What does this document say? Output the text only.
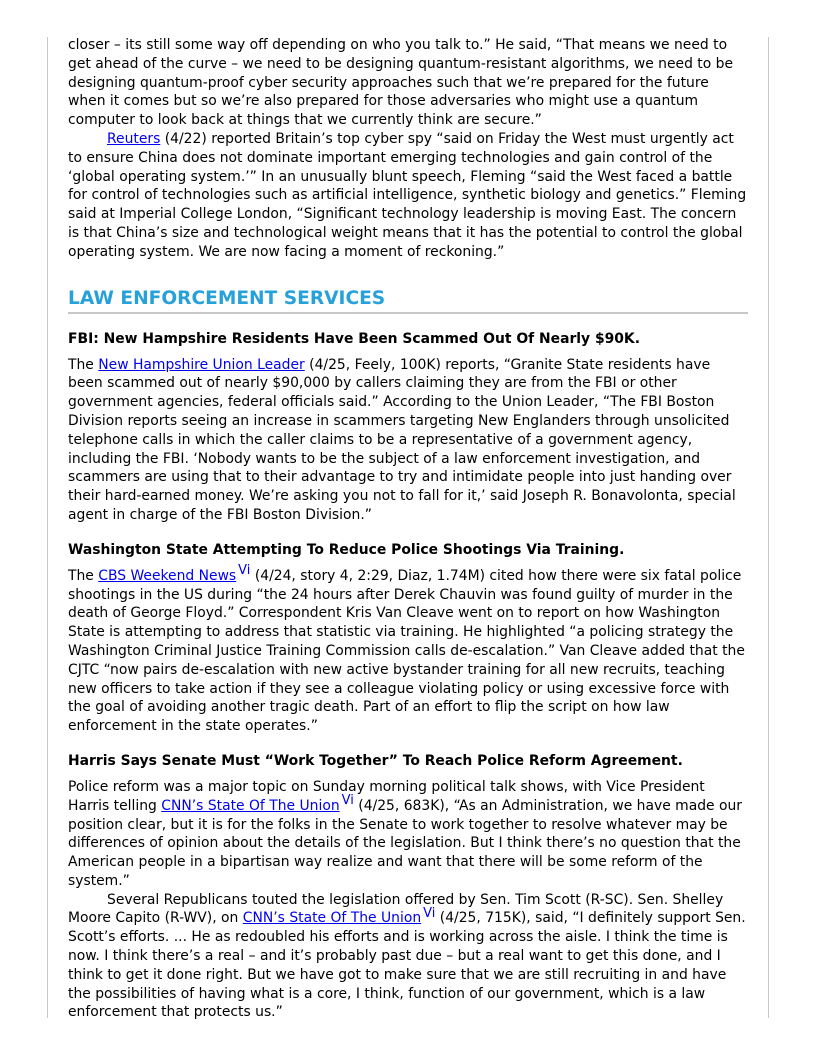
closer – its still some way off depending on who you talk to.” He said, “That means we need to get ahead of the curve – we need to be designing quantum-resistant algorithms, we need to be designing quantum-proof cyber security approaches such that we’re prepared for the future when it comes but so we’re also prepared for those adversaries who might use a quantum computer to look back at things that we currently think are secure.”

Reuters (4/22) reported Britain’s top cyber spy “said on Friday the West must urgently act to ensure China does not dominate important emerging technologies and gain control of the ‘global operating system.’” In an unusually blunt speech, Fleming “said the West faced a battle for control of technologies such as artificial intelligence, synthetic biology and genetics.” Fleming said at Imperial College London, “Significant technology leadership is moving East. The concern is that China’s size and technological weight means that it has the potential to control the global operating system. We are now facing a moment of reckoning.”

LAW ENFORCEMENT SERVICES
FBI: New Hampshire Residents Have Been Scammed Out Of Nearly $90K.

The New Hampshire Union Leader (4/25, Feely, 100K) reports, “Granite State residents have been scammed out of nearly $90,000 by callers claiming they are from the FBI or other government agencies, federal officials said.” According to the Union Leader, “The FBI Boston Division reports seeing an increase in scammers targeting New Englanders through unsolicited telephone calls in which the caller claims to be a representative of a government agency, including the FBI. ‘Nobody wants to be the subject of a law enforcement investigation, and scammers are using that to their advantage to try and intimidate people into just handing over their hard-earned money. We’re asking you not to fall for it,’ said Joseph R. Bonavolonta, special agent in charge of the FBI Boston Division.”

Washington State Attempting To Reduce Police Shootings Via Training.

The CBS Weekend News Vi (4/24, story 4, 2:29, Diaz, 1.74M) cited how there were six fatal police shootings in the US during “the 24 hours after Derek Chauvin was found guilty of murder in the death of George Floyd.” Correspondent Kris Van Cleave went on to report on how Washington State is attempting to address that statistic via training. He highlighted “a policing strategy the Washington Criminal Justice Training Commission calls de-escalation.” Van Cleave added that the CJTC “now pairs de-escalation with new active bystander training for all new recruits, teaching new officers to take action if they see a colleague violating policy or using excessive force with the goal of avoiding another tragic death. Part of an effort to flip the script on how law enforcement in the state operates.”

Harris Says Senate Must “Work Together” To Reach Police Reform Agreement.

Police reform was a major topic on Sunday morning political talk shows, with Vice President Harris telling CNN’s State Of The Union Vi (4/25, 683K), “As an Administration, we have made our position clear, but it is for the folks in the Senate to work together to resolve whatever may be differences of opinion about the details of the legislation. But I think there’s no question that the American people in a bipartisan way realize and want that there will be some reform of the system.”

Several Republicans touted the legislation offered by Sen. Tim Scott (R-SC). Sen. Shelley Moore Capito (R-WV), on CNN’s State Of The Union Vi (4/25, 715K), said, “I definitely support Sen. Scott’s efforts. ... He as redoubled his efforts and is working across the aisle. I think the time is now. I think there’s a real – and it’s probably past due – but a real want to get this done, and I think to get it done right. But we have got to make sure that we are still recruiting in and have the possibilities of having what is a core, I think, function of our government, which is a law enforcement that protects us.”
